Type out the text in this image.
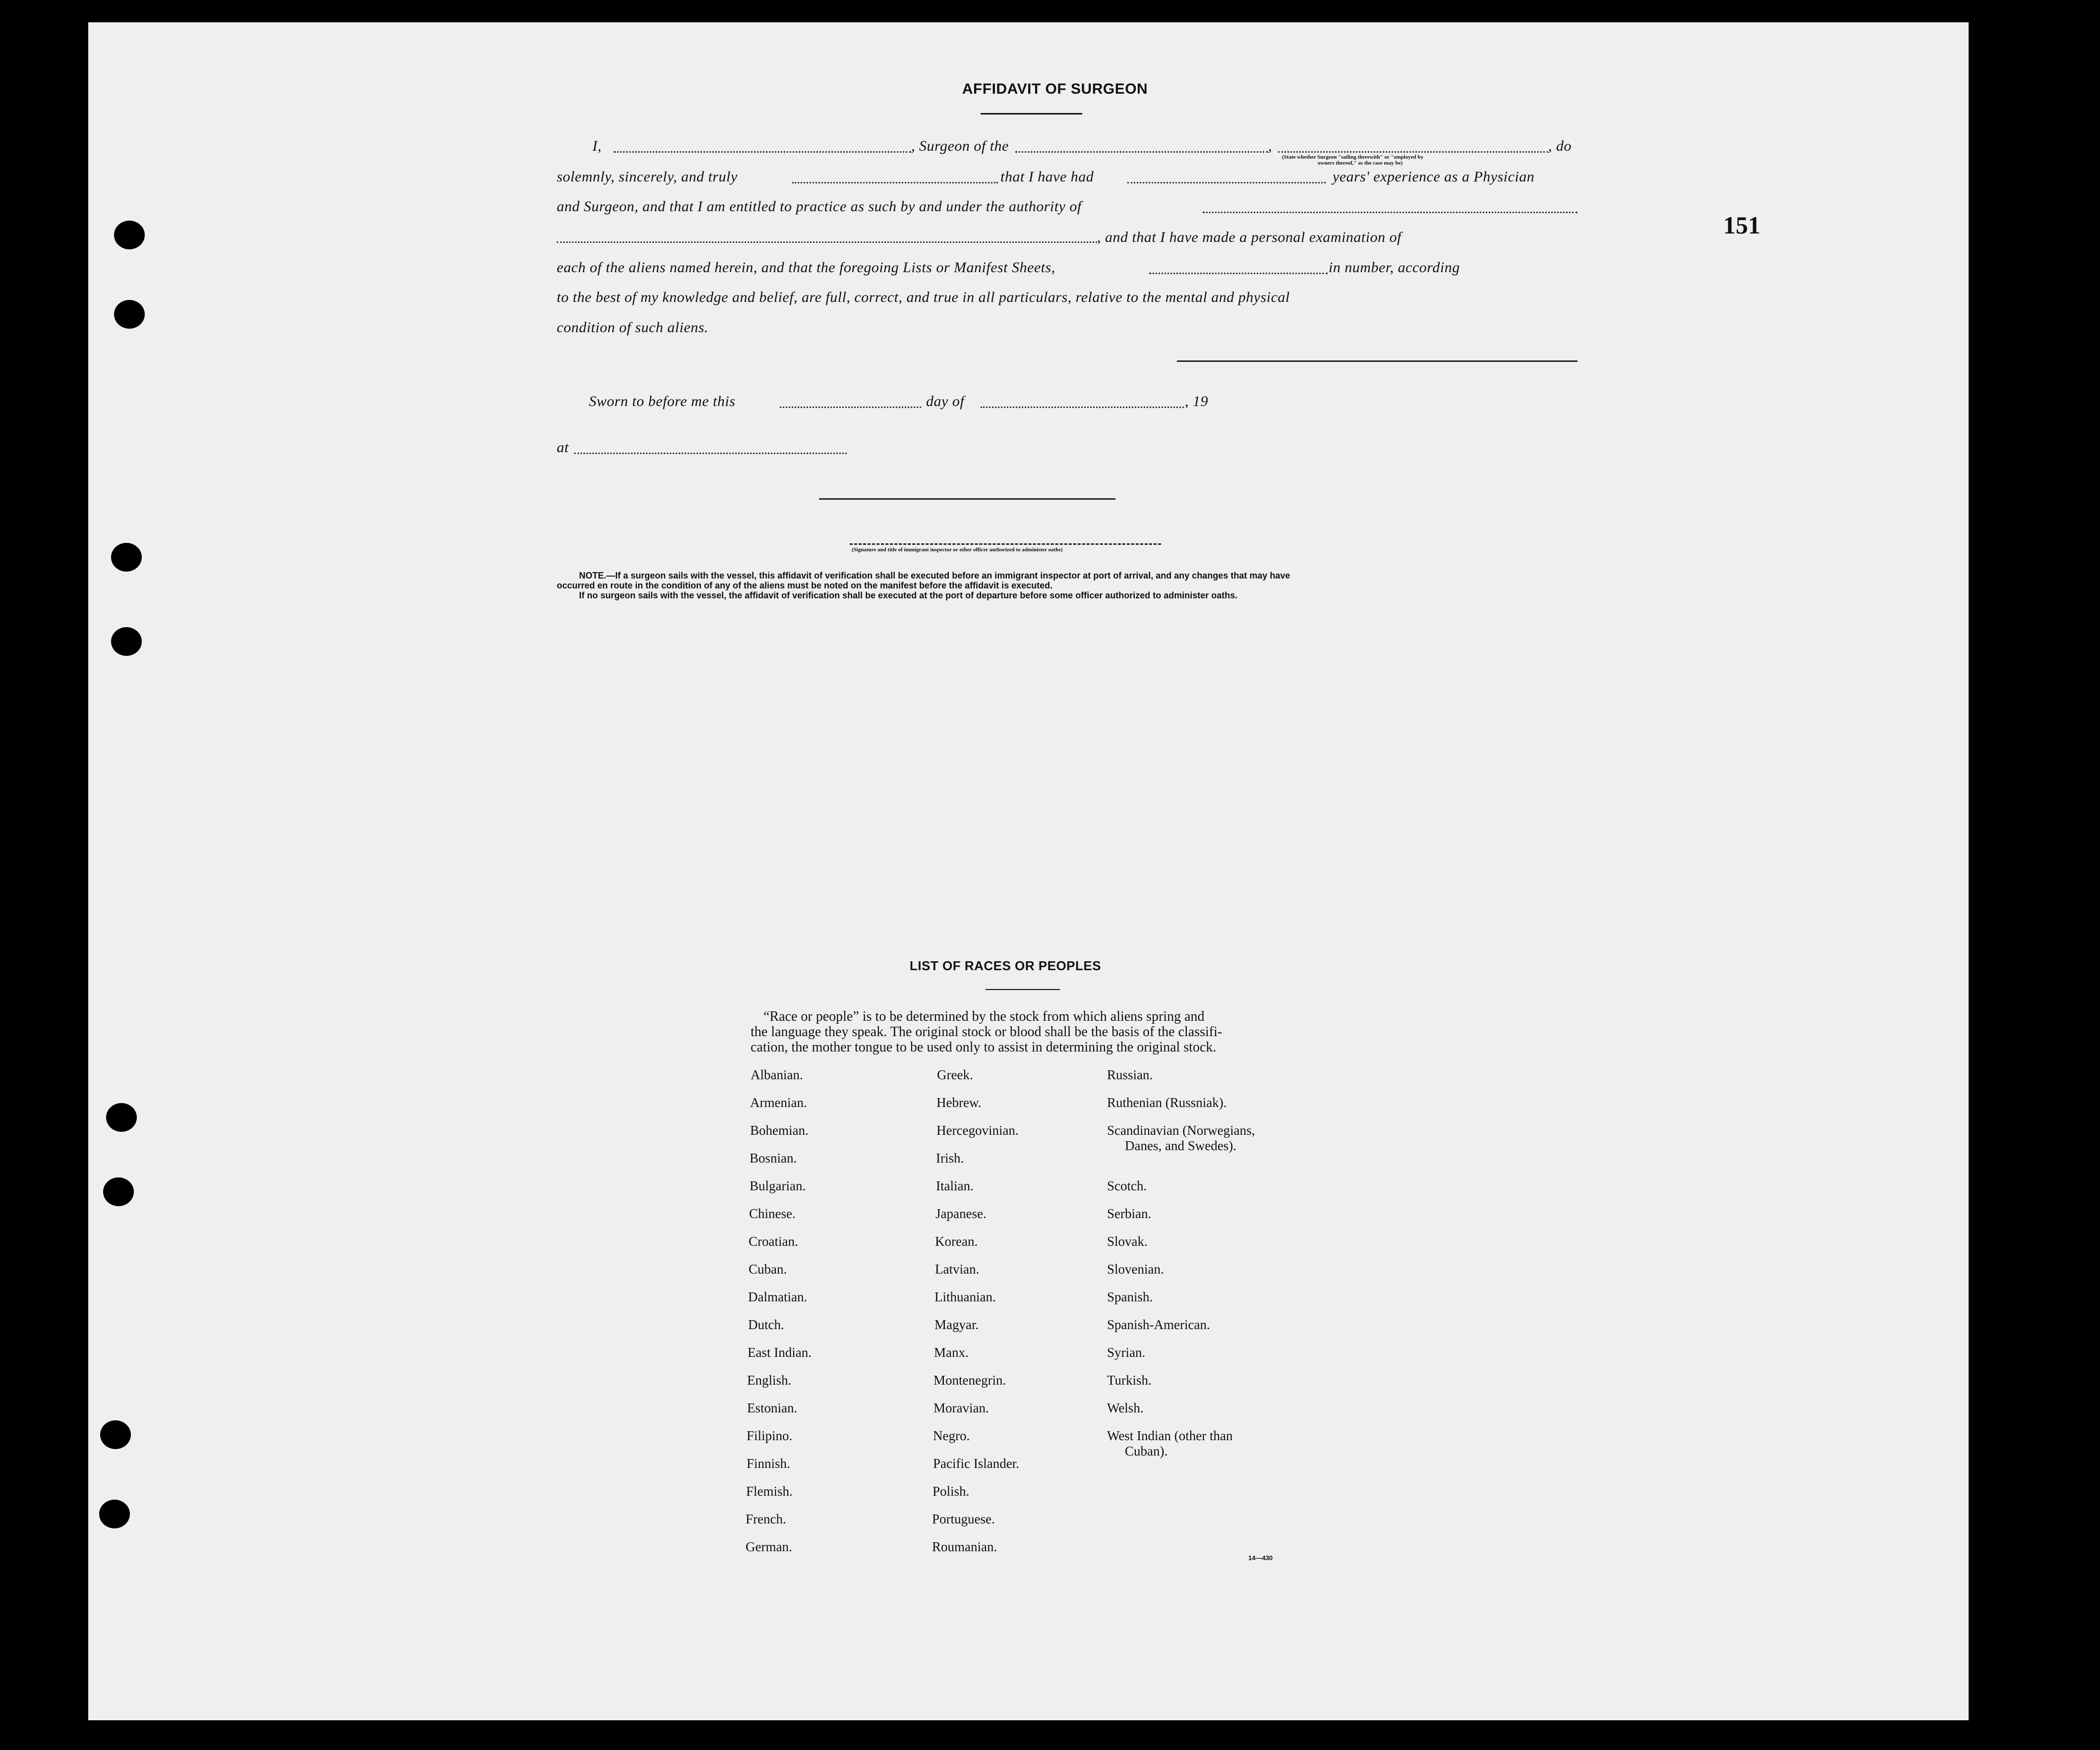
151
AFFIDAVIT OF SURGEON
I,	, Surgeon of the	,	, do
(State whether Surgeon "sailing therewith" or "employed by
owners thereof," as the case may be)
solemnly, sincerely, and truly	that I have had	years' experience as a Physician
and Surgeon, and that I am entitled to practice as such by and under the authority of
, and that I have made a personal examination of
each of the aliens named herein, and that the foregoing Lists or Manifest Sheets,	in number, according
to the best of my knowledge and belief, are full, correct, and true in all particulars, relative to the mental and physical
condition of such aliens.
Sworn to before me this	day of	, 19
at
(Signature and title of immigrant inspector or other officer authorized to administer oaths)
NOTE.—If a surgeon sails with the vessel, this affidavit of verification shall be executed before an immigrant inspector at port of arrival, and any changes that may have
occurred en route in the condition of any of the aliens must be noted on the manifest before the affidavit is executed.
If no surgeon sails with the vessel, the affidavit of verification shall be executed at the port of departure before some officer authorized to administer oaths.
LIST OF RACES OR PEOPLES
“Race or people” is to be determined by the stock from which aliens spring and
the language they speak. The original stock or blood shall be the basis of the classifi-
cation, the mother tongue to be used only to assist in determining the original stock.
Albanian.
Armenian.
Bohemian.
Bosnian.
Bulgarian.
Chinese.
Croatian.
Cuban.
Dalmatian.
Dutch.
East Indian.
English.
Estonian.
Filipino.
Finnish.
Flemish.
French.
German.
Greek.
Hebrew.
Hercegovinian.
Irish.
Italian.
Japanese.
Korean.
Latvian.
Lithuanian.
Magyar.
Manx.
Montenegrin.
Moravian.
Negro.
Pacific Islander.
Polish.
Portuguese.
Roumanian.
Russian.
Ruthenian (Russniak).
Scandinavian (Norwegians,
Danes, and Swedes).
Scotch.
Serbian.
Slovak.
Slovenian.
Spanish.
Spanish-American.
Syrian.
Turkish.
Welsh.
West Indian (other than
Cuban).
14—430
